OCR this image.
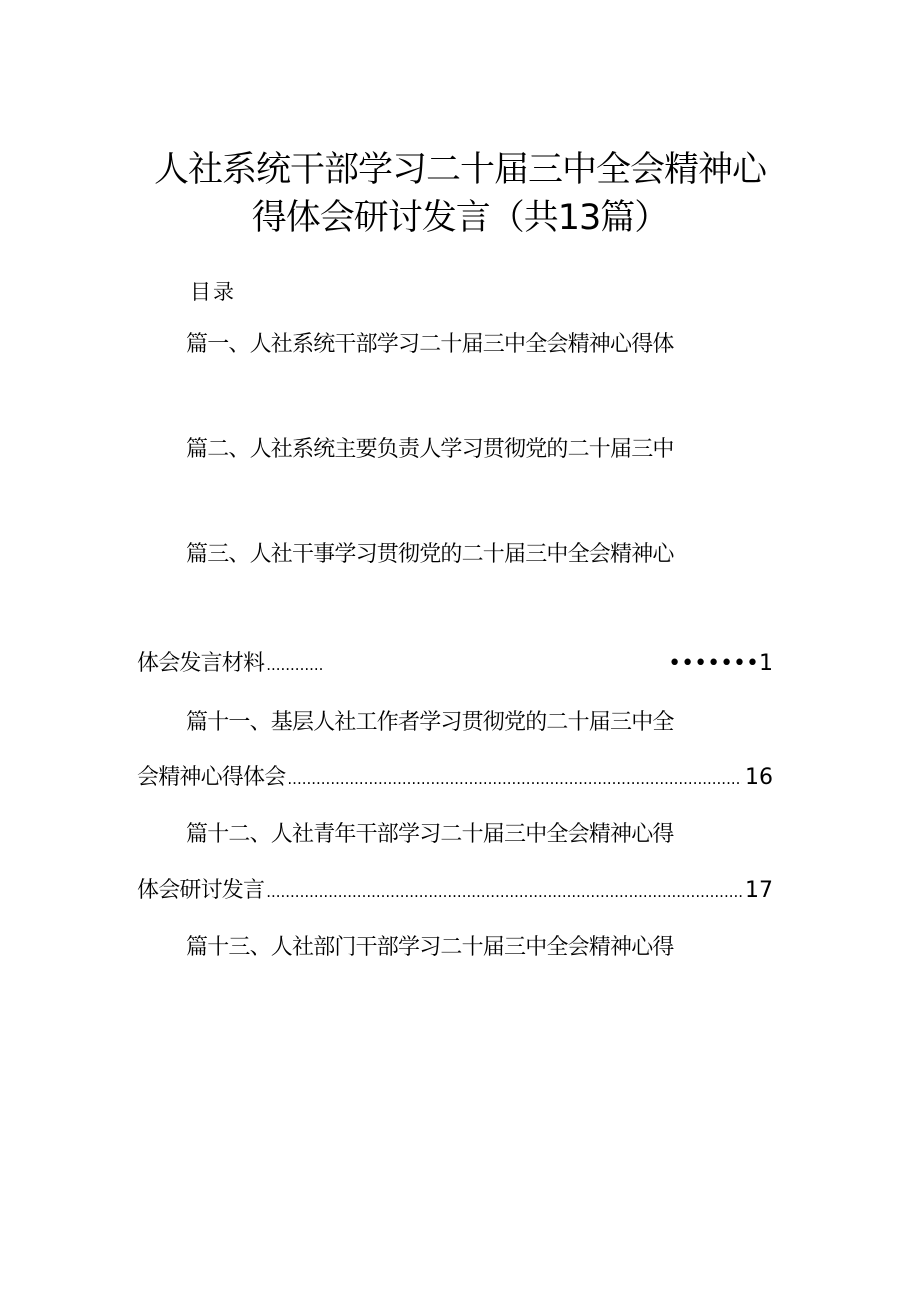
人社系统干部学习二十届三中全会精神心
得体会研讨发言（共13篇）
目录
篇一、人社系统干部学习二十届三中全会精神心得体
篇二、人社系统主要负责人学习贯彻党的二十届三中
篇三、人社干事学习贯彻党的二十届三中全会精神心
体会发言材料 ............	•••••••1
篇十一、基层人社工作者学习贯彻党的二十届三中全
会精神心得体会 .....	16
篇十二、人社青年干部学习二十届三中全会精神心得
体会研讨发言 .....	17
篇十三、人社部门干部学习二十届三中全会精神心得
